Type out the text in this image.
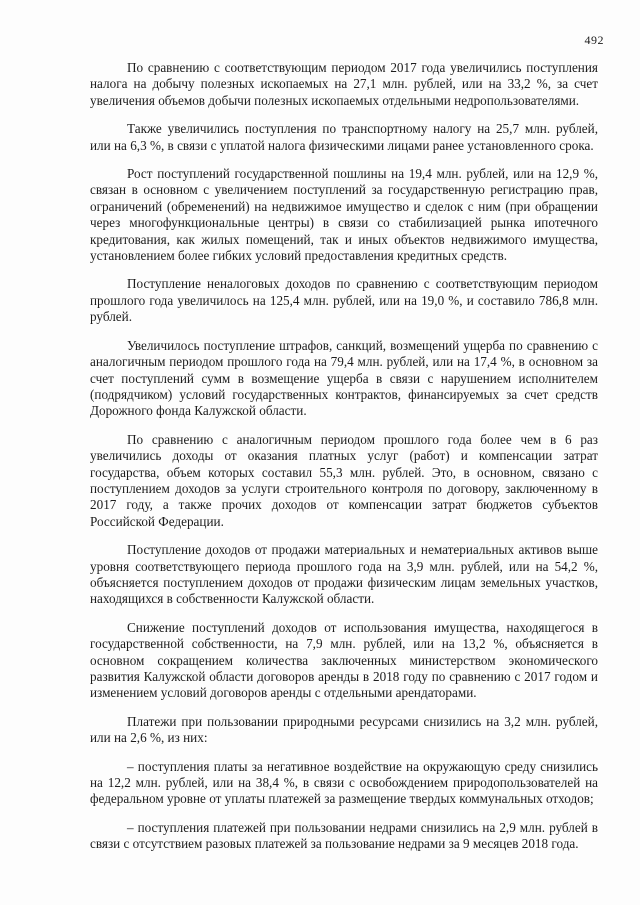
492

По сравнению с соответствующим периодом 2017 года увеличились поступления налога на добычу полезных ископаемых на 27,1 млн. рублей, или на 33,2 %, за счет увеличения объемов добычи полезных ископаемых отдельными недропользователями.

Также увеличились поступления по транспортному налогу на 25,7 млн. рублей, или на 6,3 %, в связи с уплатой налога физическими лицами ранее установленного срока.

Рост поступлений государственной пошлины на 19,4 млн. рублей, или на 12,9 %, связан в основном с увеличением поступлений за государственную регистрацию прав, ограничений (обременений) на недвижимое имущество и сделок с ним (при обращении через многофункциональные центры) в связи со стабилизацией рынка ипотечного кредитования, как жилых помещений, так и иных объектов недвижимого имущества, установлением более гибких условий предоставления кредитных средств.

Поступление неналоговых доходов по сравнению с соответствующим периодом прошлого года увеличилось на 125,4 млн. рублей, или на 19,0 %, и составило 786,8 млн. рублей.

Увеличилось поступление штрафов, санкций, возмещений ущерба по сравнению с аналогичным периодом прошлого года на 79,4 млн. рублей, или на 17,4 %, в основном за счет поступлений сумм в возмещение ущерба в связи с нарушением исполнителем (подрядчиком) условий государственных контрактов, финансируемых за счет средств Дорожного фонда Калужской области.

По сравнению с аналогичным периодом прошлого года более чем в 6 раз увеличились доходы от оказания платных услуг (работ) и компенсации затрат государства, объем которых составил 55,3 млн. рублей. Это, в основном, связано с поступлением доходов за услуги строительного контроля по договору, заключенному в 2017 году, а также прочих доходов от компенсации затрат бюджетов субъектов Российской Федерации.

Поступление доходов от продажи материальных и нематериальных активов выше уровня соответствующего периода прошлого года на 3,9 млн. рублей, или на 54,2 %, объясняется поступлением доходов от продажи физическим лицам земельных участков, находящихся в собственности Калужской области.

Снижение поступлений доходов от использования имущества, находящегося в государственной собственности, на 7,9 млн. рублей, или на 13,2 %, объясняется в основном сокращением количества заключенных министерством экономического развития Калужской области договоров аренды в 2018 году по сравнению с 2017 годом и изменением условий договоров аренды с отдельными арендаторами.

Платежи при пользовании природными ресурсами снизились на 3,2 млн. рублей, или на 2,6 %, из них:

– поступления платы за негативное воздействие на окружающую среду снизились на 12,2 млн. рублей, или на 38,4 %, в связи с освобождением природопользователей на федеральном уровне от уплаты платежей за размещение твердых коммунальных отходов;

– поступления платежей при пользовании недрами снизились на 2,9 млн. рублей в связи с отсутствием разовых платежей за пользование недрами за 9 месяцев 2018 года.
